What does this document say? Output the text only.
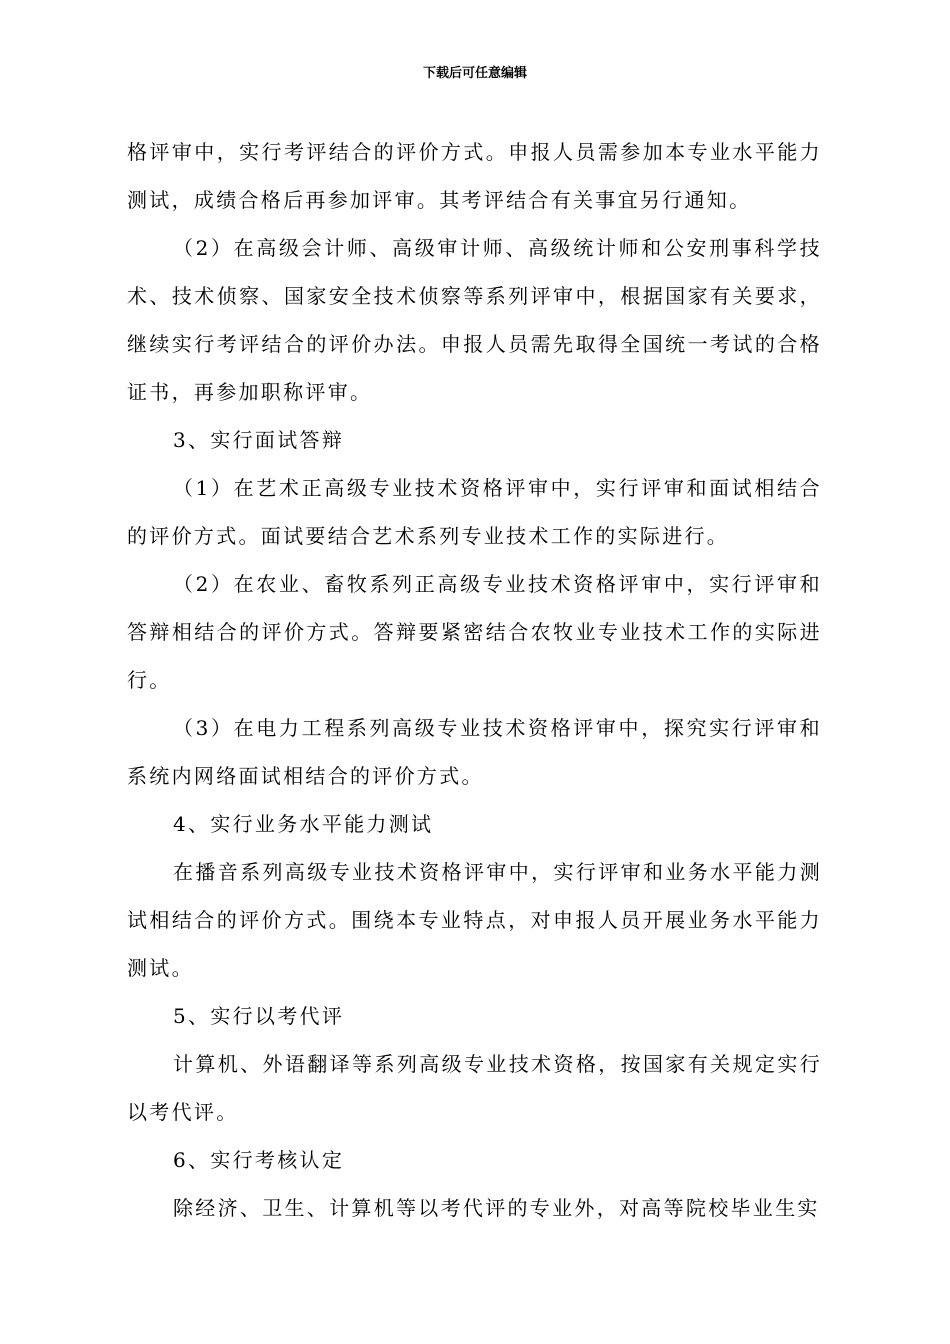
下载后可任意编辑

格评审中，实行考评结合的评价方式。申报人员需参加本专业水平能力测试，成绩合格后再参加评审。其考评结合有关事宜另行通知。

（2）在高级会计师、高级审计师、高级统计师和公安刑事科学技术、技术侦察、国家安全技术侦察等系列评审中，根据国家有关要求，继续实行考评结合的评价办法。申报人员需先取得全国统一考试的合格证书，再参加职称评审。

3、实行面试答辩

（1）在艺术正高级专业技术资格评审中，实行评审和面试相结合的评价方式。面试要结合艺术系列专业技术工作的实际进行。

（2）在农业、畜牧系列正高级专业技术资格评审中，实行评审和答辩相结合的评价方式。答辩要紧密结合农牧业专业技术工作的实际进行。

（3）在电力工程系列高级专业技术资格评审中，探究实行评审和系统内网络面试相结合的评价方式。

4、实行业务水平能力测试

在播音系列高级专业技术资格评审中，实行评审和业务水平能力测试相结合的评价方式。围绕本专业特点，对申报人员开展业务水平能力测试。

5、实行以考代评

计算机、外语翻译等系列高级专业技术资格，按国家有关规定实行以考代评。

6、实行考核认定

除经济、卫生、计算机等以考代评的专业外，对高等院校毕业生实
